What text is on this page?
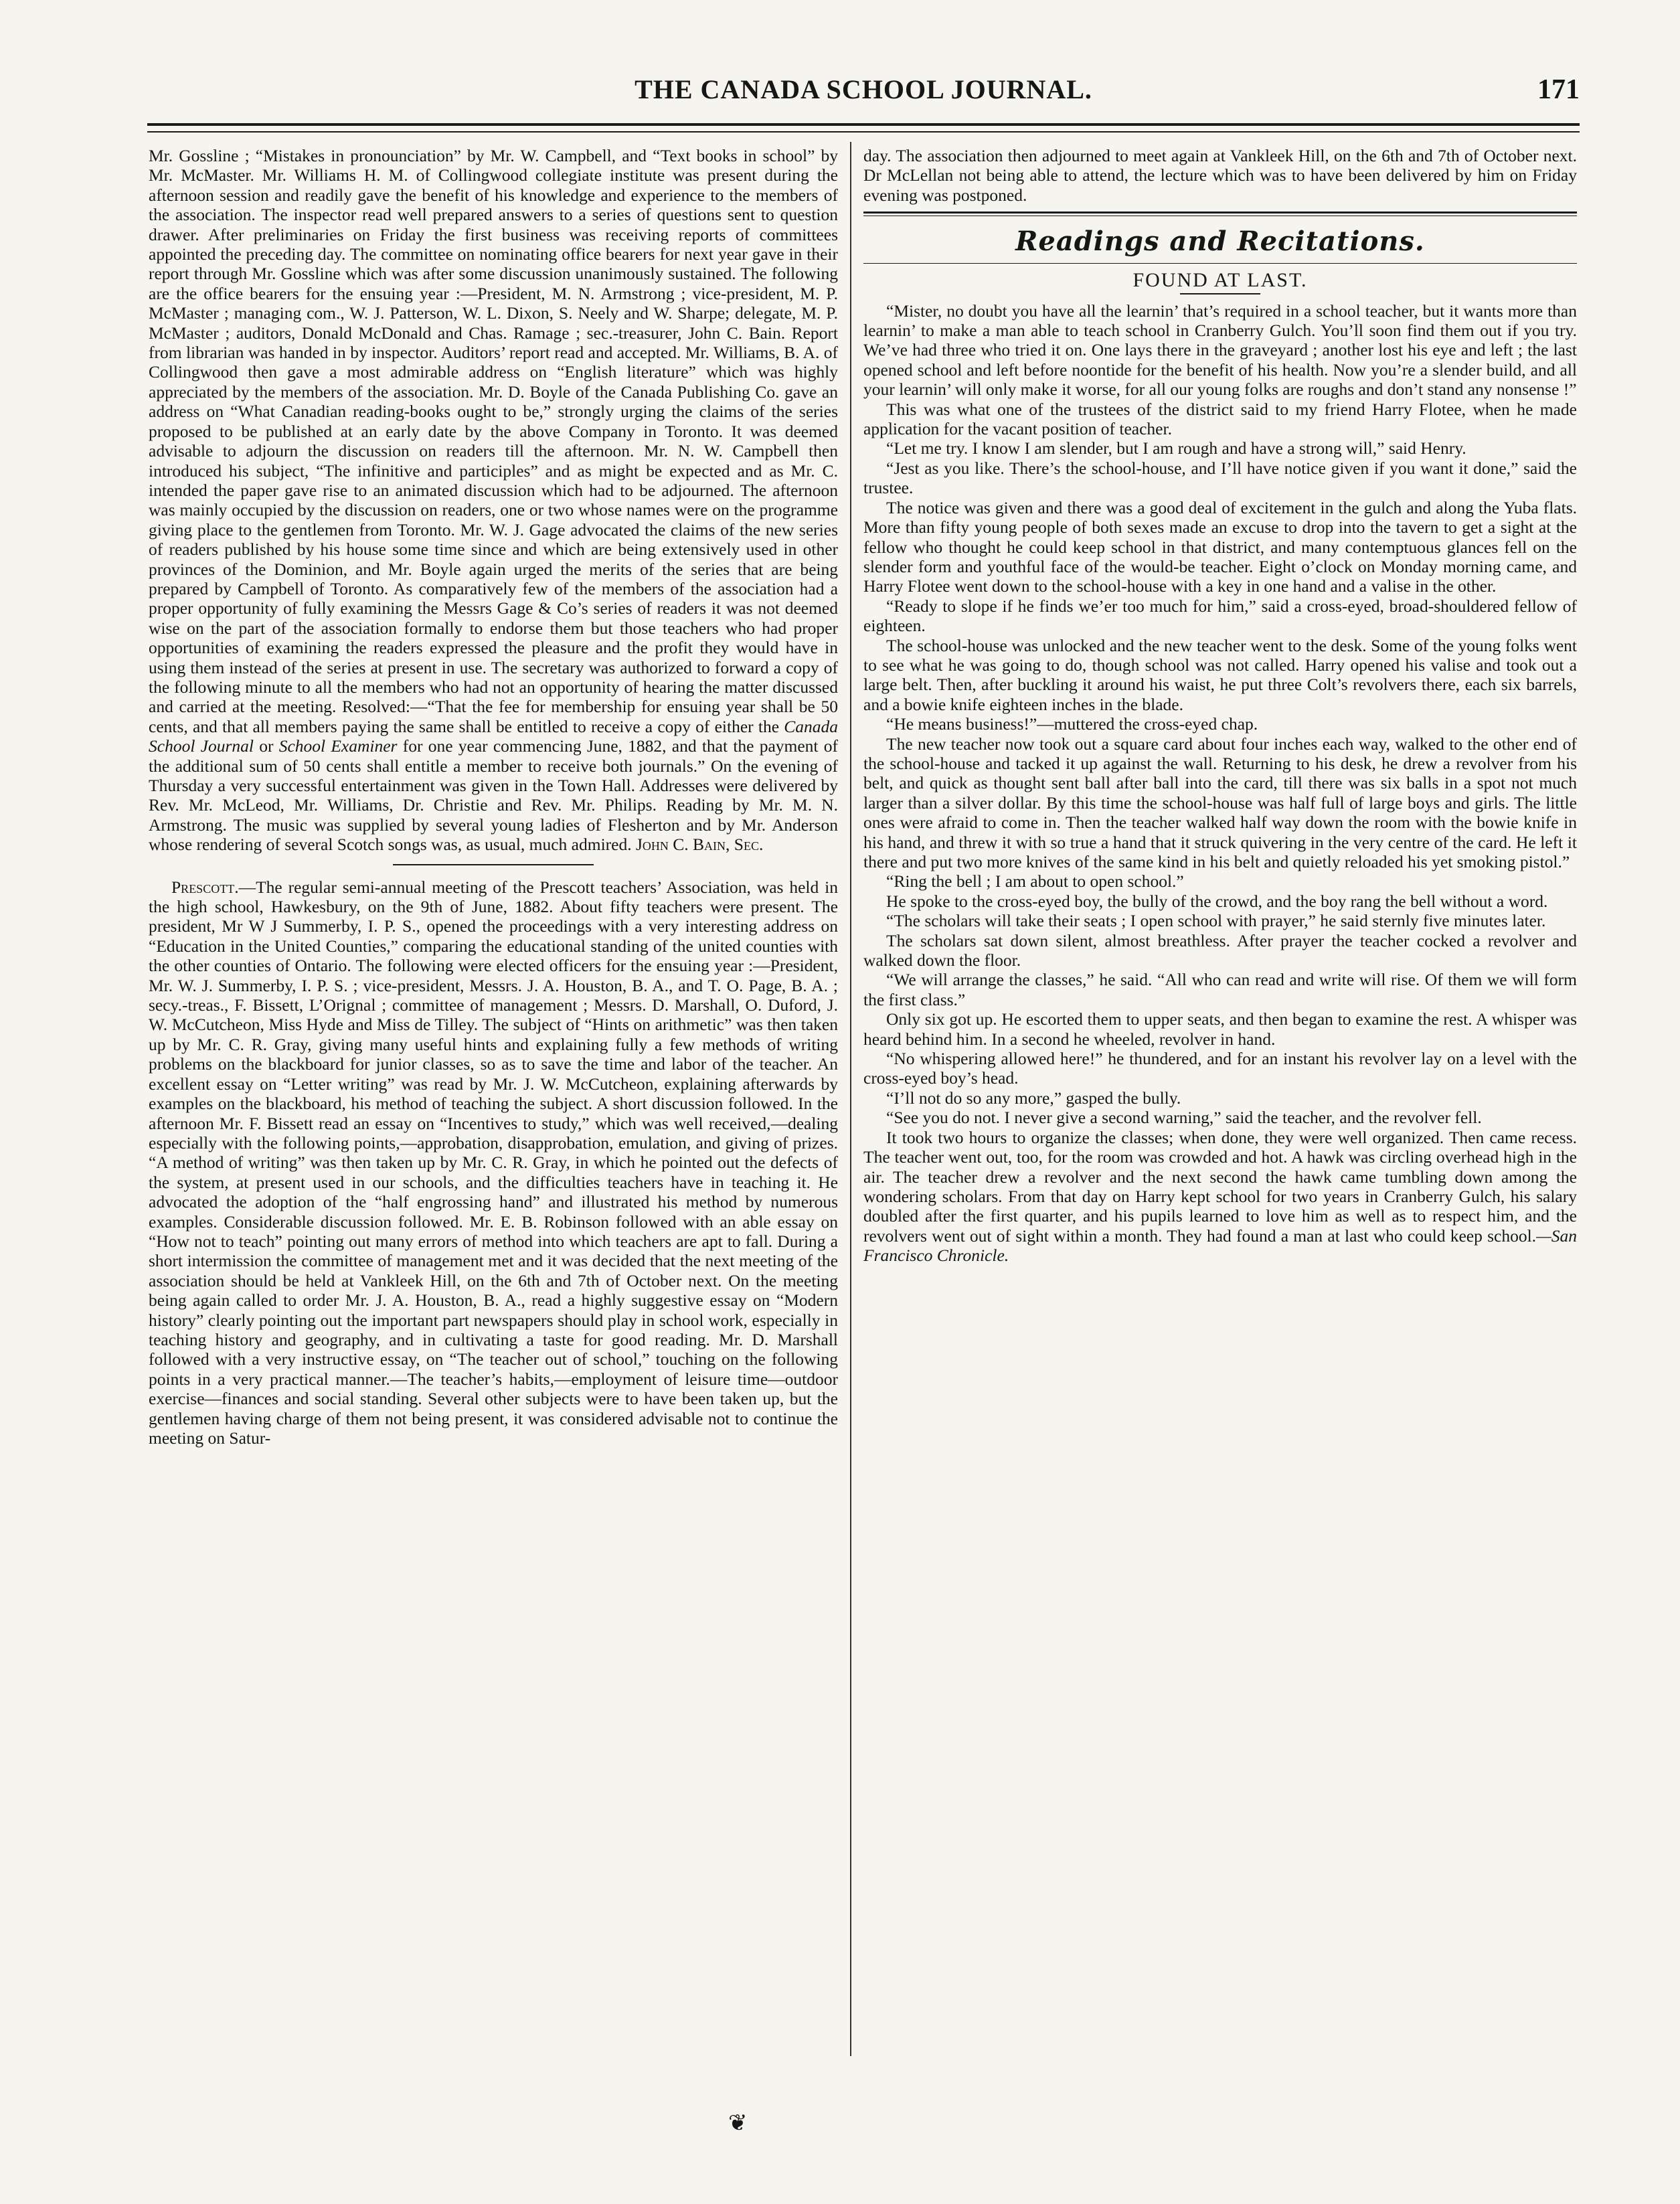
THE CANADA SCHOOL JOURNAL.	171

Mr. Gossline ; “Mistakes in pronounciation” by Mr. W. Campbell, and “Text books in school” by Mr. McMaster. Mr. Williams H. M. of Collingwood collegiate institute was present during the afternoon session and readily gave the benefit of his knowledge and experience to the members of the association. The inspector read well prepared answers to a series of questions sent to question drawer. After preliminaries on Friday the first business was receiving reports of committees appointed the preceding day. The committee on nominating office bearers for next year gave in their report through Mr. Gossline which was after some discussion unanimously sustained. The following are the office bearers for the ensuing year :—President, M. N. Armstrong ; vice-president, M. P. McMaster ; managing com., W. J. Patterson, W. L. Dixon, S. Neely and W. Sharpe; delegate, M. P. McMaster ; auditors, Donald McDonald and Chas. Ramage ; sec.-treasurer, John C. Bain. Report from librarian was handed in by inspector. Auditors’ report read and accepted. Mr. Williams, B. A. of Collingwood then gave a most admirable address on “English literature” which was highly appreciated by the members of the association. Mr. D. Boyle of the Canada Publishing Co. gave an address on “What Canadian reading-books ought to be,” strongly urging the claims of the series proposed to be published at an early date by the above Company in Toronto. It was deemed advisable to adjourn the discussion on readers till the afternoon. Mr. N. W. Campbell then introduced his subject, “The infinitive and participles” and as might be expected and as Mr. C. intended the paper gave rise to an animated discussion which had to be adjourned. The afternoon was mainly occupied by the discussion on readers, one or two whose names were on the programme giving place to the gentlemen from Toronto. Mr. W. J. Gage advocated the claims of the new series of readers published by his house some time since and which are being extensively used in other provinces of the Dominion, and Mr. Boyle again urged the merits of the series that are being prepared by Campbell of Toronto. As comparatively few of the members of the association had a proper opportunity of fully examining the Messrs Gage & Co’s series of readers it was not deemed wise on the part of the association formally to endorse them but those teachers who had proper opportunities of examining the readers expressed the pleasure and the profit they would have in using them instead of the series at present in use. The secretary was authorized to forward a copy of the following minute to all the members who had not an opportunity of hearing the matter discussed and carried at the meeting. Resolved:—“That the fee for membership for ensuing year shall be 50 cents, and that all members paying the same shall be entitled to receive a copy of either the Canada School Journal or School Examiner for one year commencing June, 1882, and that the payment of the additional sum of 50 cents shall entitle a member to receive both journals.” On the evening of Thursday a very successful entertainment was given in the Town Hall. Addresses were delivered by Rev. Mr. McLeod, Mr. Williams, Dr. Christie and Rev. Mr. Philips. Reading by Mr. M. N. Armstrong. The music was supplied by several young ladies of Flesherton and by Mr. Anderson whose rendering of several Scotch songs was, as usual, much admired. John C. Bain, Sec.

Prescott.—The regular semi-annual meeting of the Prescott teachers’ Association, was held in the high school, Hawkesbury, on the 9th of June, 1882. About fifty teachers were present. The president, Mr W J Summerby, I. P. S., opened the proceedings with a very interesting address on “Education in the United Counties,” comparing the educational standing of the united counties with the other counties of Ontario. The following were elected officers for the ensuing year :—President, Mr. W. J. Summerby, I. P. S. ; vice-president, Messrs. J. A. Houston, B. A., and T. O. Page, B. A. ; secy.-treas., F. Bissett, L’Orignal ; committee of management ; Messrs. D. Marshall, O. Duford, J. W. McCutcheon, Miss Hyde and Miss de Tilley. The subject of “Hints on arithmetic” was then taken up by Mr. C. R. Gray, giving many useful hints and explaining fully a few methods of writing problems on the blackboard for junior classes, so as to save the time and labor of the teacher. An excellent essay on “Letter writing” was read by Mr. J. W. McCutcheon, explaining afterwards by examples on the blackboard, his method of teaching the subject. A short discussion followed. In the afternoon Mr. F. Bissett read an essay on “Incentives to study,” which was well received,—dealing especially with the following points,—approbation, disapprobation, emulation, and giving of prizes. “A method of writing” was then taken up by Mr. C. R. Gray, in which he pointed out the defects of the system, at present used in our schools, and the difficulties teachers have in teaching it. He advocated the adoption of the “half engrossing hand” and illustrated his method by numerous examples. Considerable discussion followed. Mr. E. B. Robinson followed with an able essay on “How not to teach” pointing out many errors of method into which teachers are apt to fall. During a short intermission the committee of management met and it was decided that the next meeting of the association should be held at Vankleek Hill, on the 6th and 7th of October next. On the meeting being again called to order Mr. J. A. Houston, B. A., read a highly suggestive essay on “Modern history” clearly pointing out the important part newspapers should play in school work, especially in teaching history and geography, and in cultivating a taste for good reading. Mr. D. Marshall followed with a very instructive essay, on “The teacher out of school,” touching on the following points in a very practical manner.—The teacher’s habits,—employment of leisure time—outdoor exercise—finances and social standing. Several other subjects were to have been taken up, but the gentlemen having charge of them not being present, it was considered advisable not to continue the meeting on Satur-

day. The association then adjourned to meet again at Vankleek Hill, on the 6th and 7th of October next. Dr McLellan not being able to attend, the lecture which was to have been delivered by him on Friday evening was postponed.

Readings and Recitations.
FOUND AT LAST.

“Mister, no doubt you have all the learnin’ that’s required in a school teacher, but it wants more than learnin’ to make a man able to teach school in Cranberry Gulch. You’ll soon find them out if you try. We’ve had three who tried it on. One lays there in the graveyard ; another lost his eye and left ; the last opened school and left before noontide for the benefit of his health. Now you’re a slender build, and all your learnin’ will only make it worse, for all our young folks are roughs and don’t stand any nonsense !”

This was what one of the trustees of the district said to my friend Harry Flotee, when he made application for the vacant position of teacher.

“Let me try. I know I am slender, but I am rough and have a strong will,” said Henry.

“Jest as you like. There’s the school-house, and I’ll have notice given if you want it done,” said the trustee.

The notice was given and there was a good deal of excitement in the gulch and along the Yuba flats. More than fifty young people of both sexes made an excuse to drop into the tavern to get a sight at the fellow who thought he could keep school in that district, and many contemptuous glances fell on the slender form and youthful face of the would-be teacher. Eight o’clock on Monday morning came, and Harry Flotee went down to the school-house with a key in one hand and a valise in the other.

“Ready to slope if he finds we’er too much for him,” said a cross-eyed, broad-shouldered fellow of eighteen.

The school-house was unlocked and the new teacher went to the desk. Some of the young folks went to see what he was going to do, though school was not called. Harry opened his valise and took out a large belt. Then, after buckling it around his waist, he put three Colt’s revolvers there, each six barrels, and a bowie knife eighteen inches in the blade.

“He means business!”—muttered the cross-eyed chap.

The new teacher now took out a square card about four inches each way, walked to the other end of the school-house and tacked it up against the wall. Returning to his desk, he drew a revolver from his belt, and quick as thought sent ball after ball into the card, till there was six balls in a spot not much larger than a silver dollar. By this time the school-house was half full of large boys and girls. The little ones were afraid to come in. Then the teacher walked half way down the room with the bowie knife in his hand, and threw it with so true a hand that it struck quivering in the very centre of the card. He left it there and put two more knives of the same kind in his belt and quietly reloaded his yet smoking pistol.”

“Ring the bell ; I am about to open school.”

He spoke to the cross-eyed boy, the bully of the crowd, and the boy rang the bell without a word.

“The scholars will take their seats ; I open school with prayer,” he said sternly five minutes later.

The scholars sat down silent, almost breathless. After prayer the teacher cocked a revolver and walked down the floor.

“We will arrange the classes,” he said. “All who can read and write will rise. Of them we will form the first class.”

Only six got up. He escorted them to upper seats, and then began to examine the rest. A whisper was heard behind him. In a second he wheeled, revolver in hand.

“No whispering allowed here!” he thundered, and for an instant his revolver lay on a level with the cross-eyed boy’s head.

“I’ll not do so any more,” gasped the bully.

“See you do not. I never give a second warning,” said the teacher, and the revolver fell.

It took two hours to organize the classes; when done, they were well organized. Then came recess. The teacher went out, too, for the room was crowded and hot. A hawk was circling overhead high in the air. The teacher drew a revolver and the next second the hawk came tumbling down among the wondering scholars. From that day on Harry kept school for two years in Cranberry Gulch, his salary doubled after the first quarter, and his pupils learned to love him as well as to respect him, and the revolvers went out of sight within a month. They had found a man at last who could keep school.—San Francisco Chronicle.

❦
